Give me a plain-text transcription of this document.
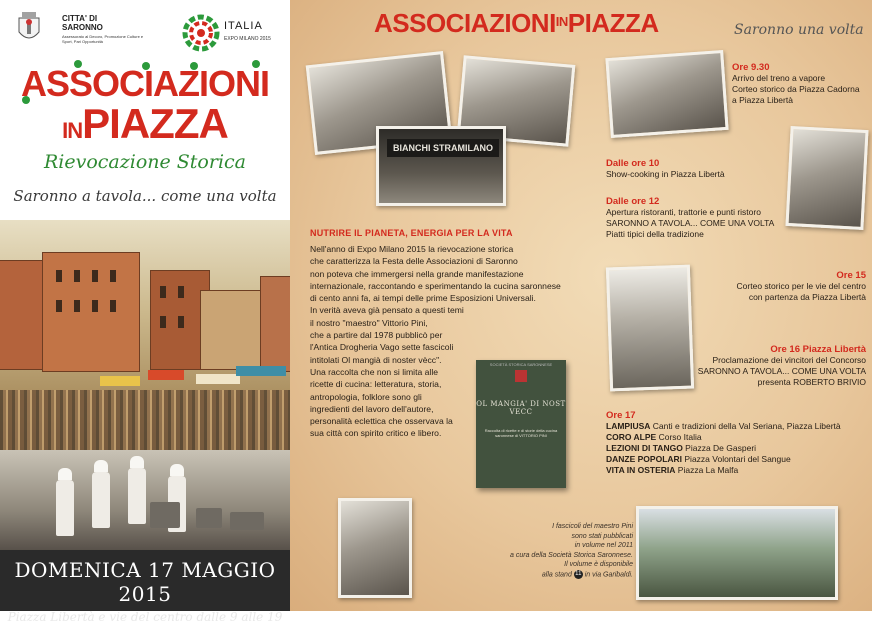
CITTA' DI
SARONNO
Assessorato al Decoro, Promozione Culture e Sport, Pari Opportunità
ITALIA
EXPO MILANO 2015
ASSOCIAZIONI
INPIAZZA
Rievocazione Storica
Saronno a tavola... come una volta
DOMENICA 17 MAGGIO 2015
Piazza Libertà e vie del centro dalle 9 alle 19
$ASSOCIAZIONI^{IN}PIAZZA$	Saronno una volta
BIANCHI STRAMILANO
SOCIETÀ STORICA SARONNESE
OL MANGIA' DI NOST VECC
Raccolta di ricette e di storie della cucina saronnese di VITTORIO PINI
NUTRIRE IL PIANETA, ENERGIA PER LA VITA

Nell'anno di Expo Milano 2015 la rievocazione storica

che caratterizza la Festa delle Associazioni di Saronno

non poteva che immergersi nella grande manifestazione

internazionale, raccontando e sperimentando la cucina saronnese

di cento anni fa, ai tempi delle prime Esposizioni Universali.

In verità aveva già pensato a questi temi

il nostro "maestro" Vittorio Pini,

che a partire dal 1978 pubblicò per

l'Antica Drogheria Vago sette fascicoli

intitolati Ol mangià di noster vècc".

Una raccolta che non si limita alle

ricette di cucina: letteratura, storia,

antropologia, folklore sono gli

ingredienti del lavoro dell'autore,

personalità eclettica che osservava la

sua città con spirito critico e libero.

I fascicoli del maestro Pini
sono stati pubblicati
in volume nel 2011
a cura della Società Storica Saronnese.
Il volume è disponibile
alla stand 11 in via Garibaldi.
Ore 9.30
Arrivo del treno a vapore
Corteo storico da Piazza Cadorna
a Piazza Libertà
Dalle ore 10
Show-cooking in Piazza Libertà
Dalle ore 12
Apertura ristoranti, trattorie e punti ristoro
SARONNO A TAVOLA... COME UNA VOLTA
Piatti tipici della tradizione
Ore 15
Corteo storico per le vie del centro
con partenza da Piazza Libertà
Ore 16 Piazza Libertà
Proclamazione dei vincitori del Concorso
SARONNO A TAVOLA... COME UNA VOLTA
presenta ROBERTO BRIVIO
Ore 17
LAMPIUSA Canti e tradizioni della Val Seriana, Piazza Libertà
CORO ALPE Corso Italia
LEZIONI DI TANGO Piazza De Gasperi
DANZE POPOLARI Piazza Volontari del Sangue
VITA IN OSTERIA Piazza La Malfa
